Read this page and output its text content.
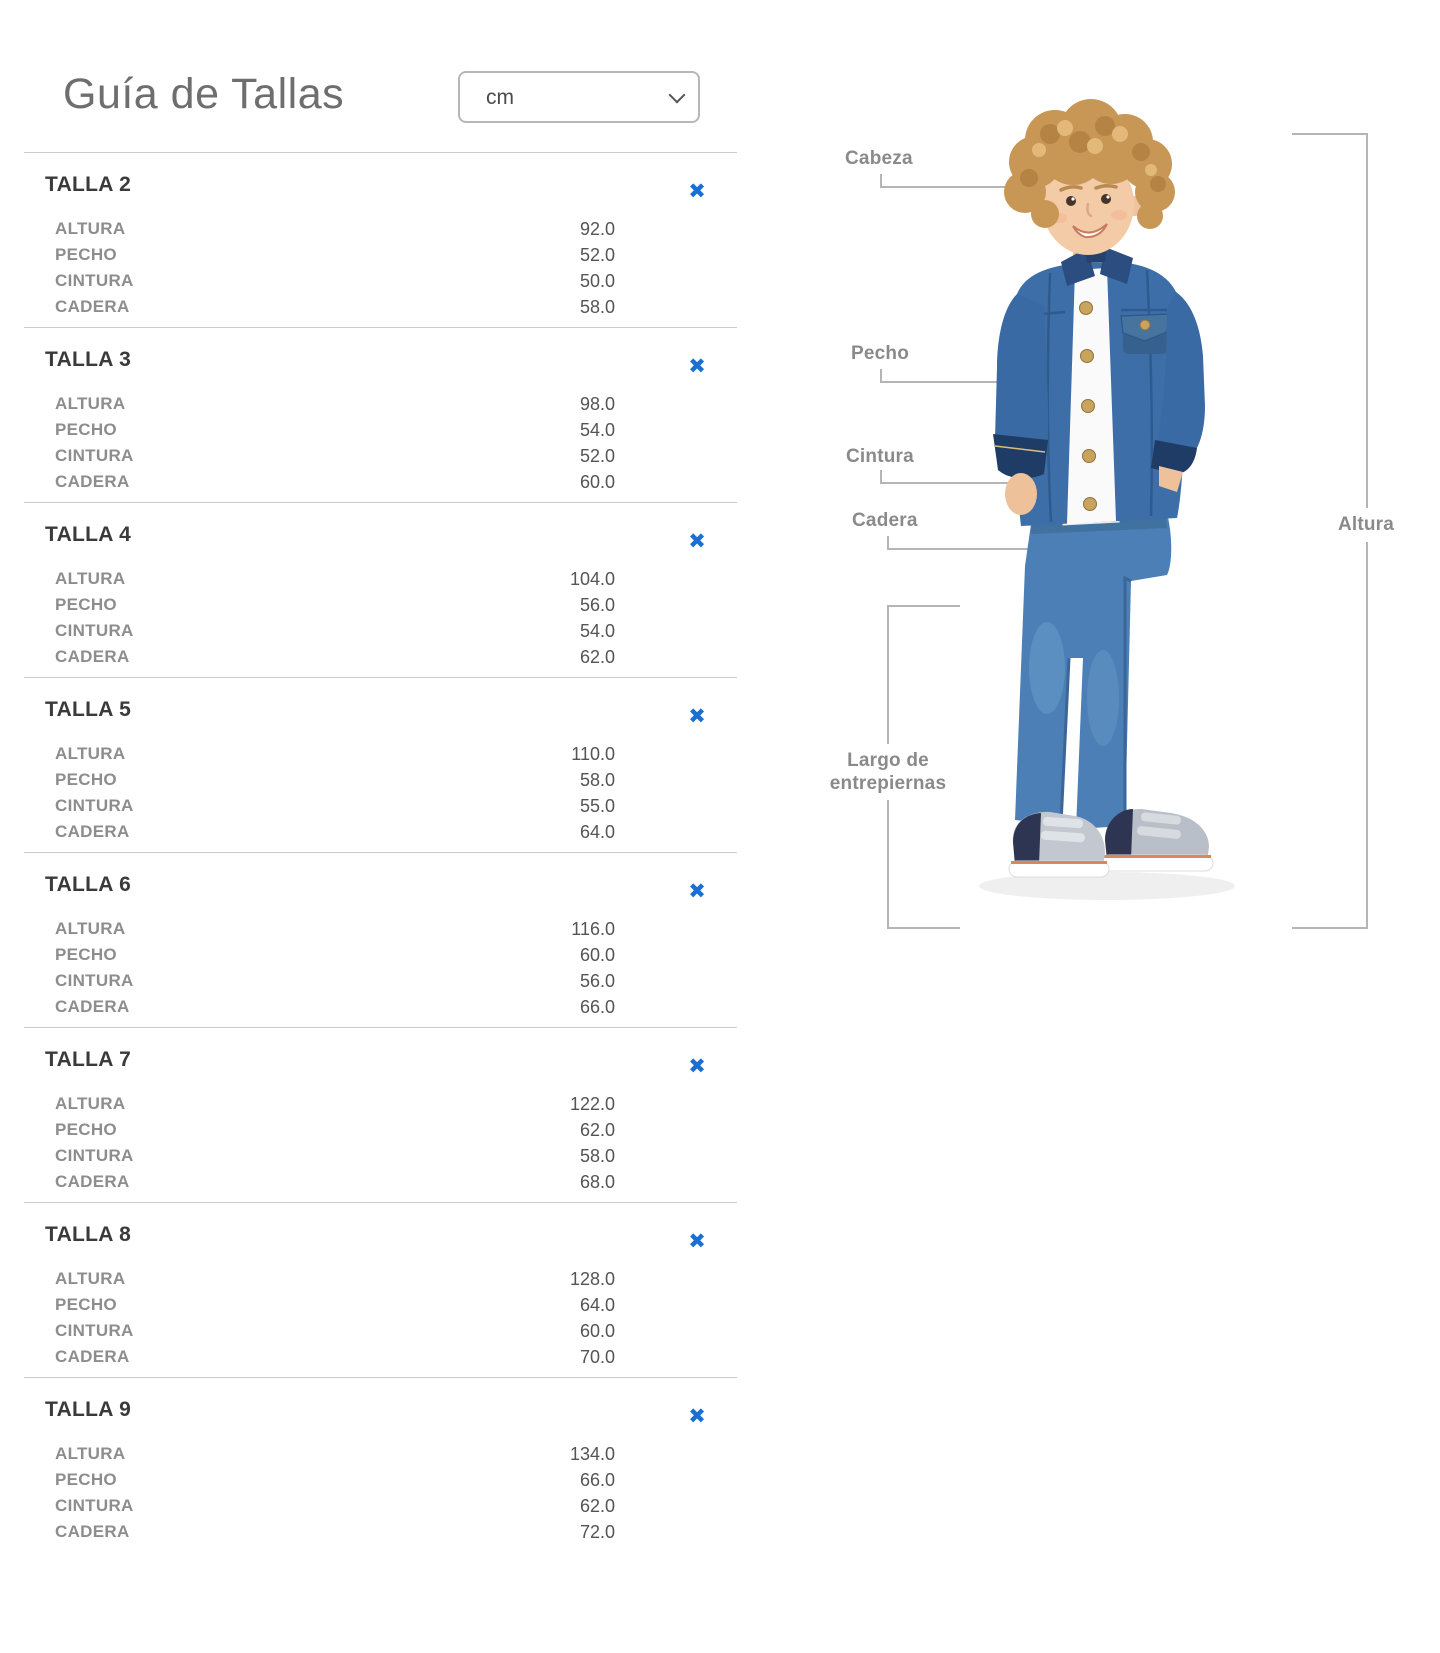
Guía de Tallas
cm
TALLA 2	✖
ALTURA	92.0
PECHO	52.0
CINTURA	50.0
CADERA	58.0
TALLA 3	✖
ALTURA	98.0
PECHO	54.0
CINTURA	52.0
CADERA	60.0
TALLA 4	✖
ALTURA	104.0
PECHO	56.0
CINTURA	54.0
CADERA	62.0
TALLA 5	✖
ALTURA	110.0
PECHO	58.0
CINTURA	55.0
CADERA	64.0
TALLA 6	✖
ALTURA	116.0
PECHO	60.0
CINTURA	56.0
CADERA	66.0
TALLA 7	✖
ALTURA	122.0
PECHO	62.0
CINTURA	58.0
CADERA	68.0
TALLA 8	✖
ALTURA	128.0
PECHO	64.0
CINTURA	60.0
CADERA	70.0
TALLA 9	✖
ALTURA	134.0
PECHO	66.0
CINTURA	62.0
CADERA	72.0
Cabeza
Pecho
Cintura
Cadera	Altura
Largo de
entrepiernas
